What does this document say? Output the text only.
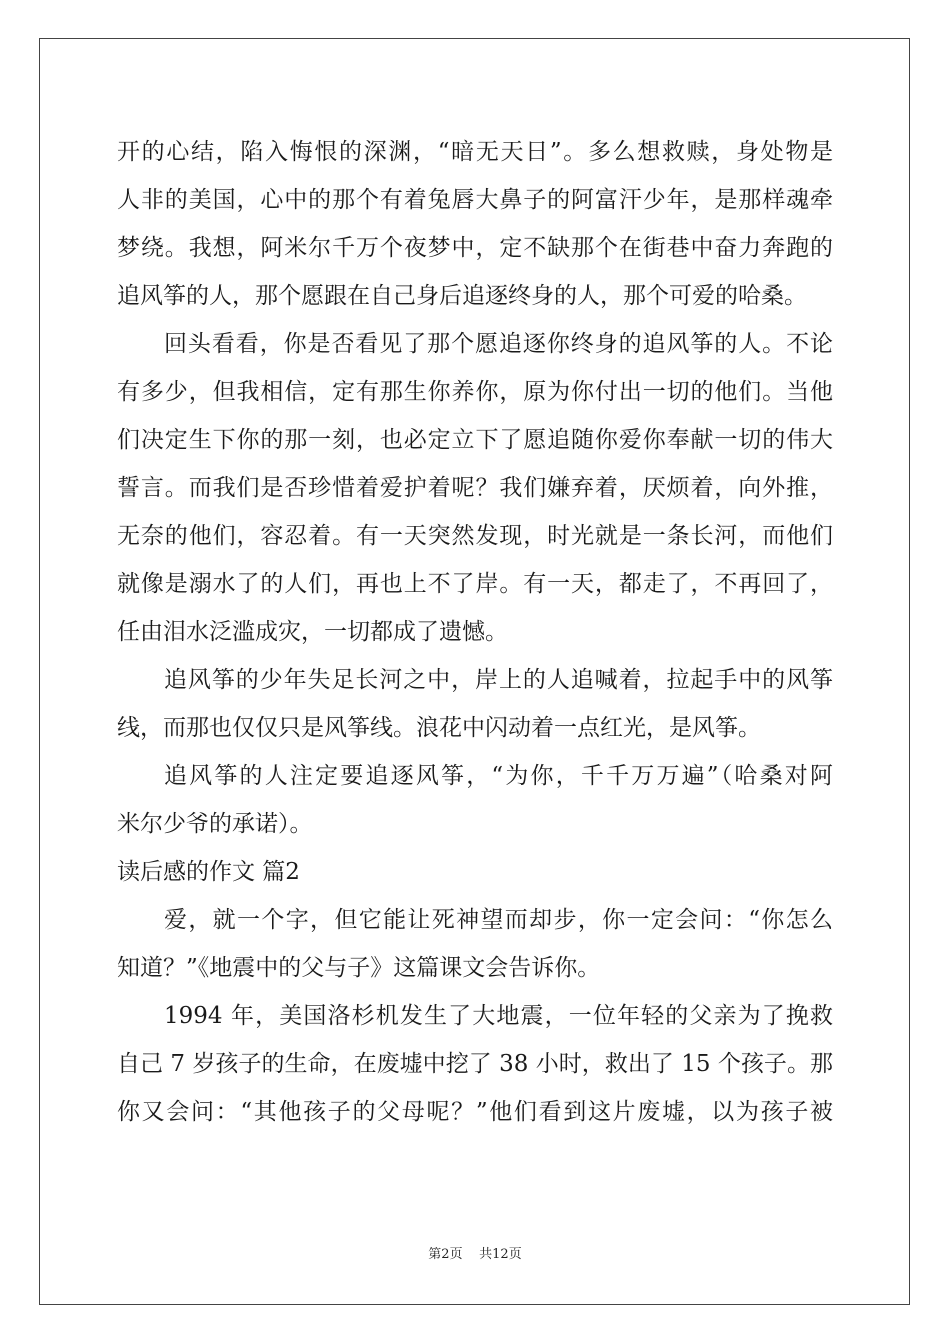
开的心结，陷入悔恨的深渊，“暗无天日”。多么想救赎，身处物是
人非的美国，心中的那个有着兔唇大鼻子的阿富汗少年，是那样魂牵
梦绕。我想，阿米尔千万个夜梦中，定不缺那个在街巷中奋力奔跑的
追风筝的人，那个愿跟在自己身后追逐终身的人，那个可爱的哈桑。
回头看看，你是否看见了那个愿追逐你终身的追风筝的人。不论
有多少，但我相信，定有那生你养你，原为你付出一切的他们。当他
们决定生下你的那一刻，也必定立下了愿追随你爱你奉献一切的伟大
誓言。而我们是否珍惜着爱护着呢？我们嫌弃着，厌烦着，向外推，
无奈的他们，容忍着。有一天突然发现，时光就是一条长河，而他们
就像是溺水了的人们，再也上不了岸。有一天，都走了，不再回了，
任由泪水泛滥成灾，一切都成了遗憾。
追风筝的少年失足长河之中，岸上的人追喊着，拉起手中的风筝
线，而那也仅仅只是风筝线。浪花中闪动着一点红光，是风筝。
追风筝的人注定要追逐风筝，“为你，千千万万遍”（哈桑对阿
米尔少爷的承诺）。
读后感的作文 篇2
爱，就一个字，但它能让死神望而却步，你一定会问：“你怎么
知道？”《地震中的父与子》这篇课文会告诉你。
1994 年，美国洛杉机发生了大地震，一位年轻的父亲为了挽救
自己 7 岁孩子的生命，在废墟中挖了 38 小时，救出了 15 个孩子。那
你又会问：“其他孩子的父母呢？”他们看到这片废墟，以为孩子被
第2页 共12页
